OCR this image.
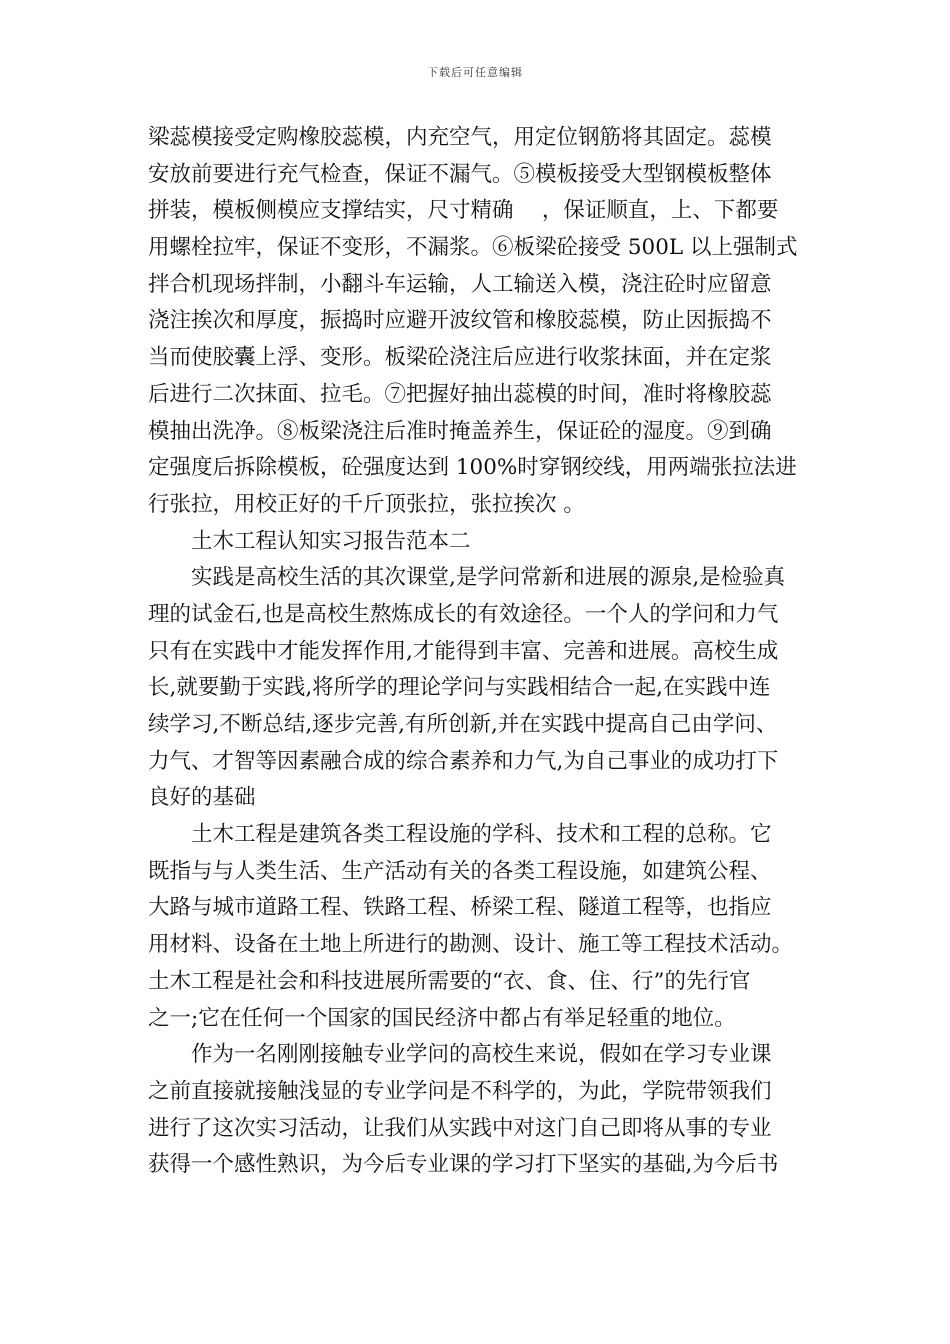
下载后可任意编辑
梁蕊模接受定购橡胶蕊模，内充空气，用定位钢筋将其固定。蕊模
安放前要进行充气检查，保证不漏气。⑤模板接受大型钢模板整体
拼装，模板侧模应支撑结实，尺寸精确　 ，保证顺直，上、下都要
用螺栓拉牢，保证不变形，不漏浆。⑥板梁砼接受 500L 以上强制式
拌合机现场拌制，小翻斗车运输，人工输送入模，浇注砼时应留意
浇注挨次和厚度，振捣时应避开波纹管和橡胶蕊模，防止因振捣不
当而使胶囊上浮、变形。板梁砼浇注后应进行收浆抹面，并在定浆
后进行二次抹面、拉毛。⑦把握好抽出蕊模的时间，准时将橡胶蕊
模抽出洗净。⑧板梁浇注后准时掩盖养生，保证砼的湿度。⑨到确
定强度后拆除模板，砼强度达到 100%时穿钢绞线，用两端张拉法进
行张拉，用校正好的千斤顶张拉，张拉挨次 。
土木工程认知实习报告范本二
实践是高校生活的其次课堂,是学问常新和进展的源泉,是检验真
理的试金石,也是高校生熬炼成长的有效途径。一个人的学问和力气
只有在实践中才能发挥作用,才能得到丰富、完善和进展。高校生成
长,就要勤于实践,将所学的理论学问与实践相结合一起,在实践中连
续学习,不断总结,逐步完善,有所创新,并在实践中提高自己由学问、
力气、才智等因素融合成的综合素养和力气,为自己事业的成功打下
良好的基础
土木工程是建筑各类工程设施的学科、技术和工程的总称。它
既指与与人类生活、生产活动有关的各类工程设施，如建筑公程、
大路与城市道路工程、铁路工程、桥梁工程、隧道工程等，也指应
用材料、设备在土地上所进行的勘测、设计、施工等工程技术活动。
土木工程是社会和科技进展所需要的“衣、食、住、行”的先行官
之一;它在任何一个国家的国民经济中都占有举足轻重的地位。
作为一名刚刚接触专业学问的高校生来说，假如在学习专业课
之前直接就接触浅显的专业学问是不科学的，为此，学院带领我们
进行了这次实习活动，让我们从实践中对这门自己即将从事的专业
获得一个感性熟识，为今后专业课的学习打下坚实的基础,为今后书
